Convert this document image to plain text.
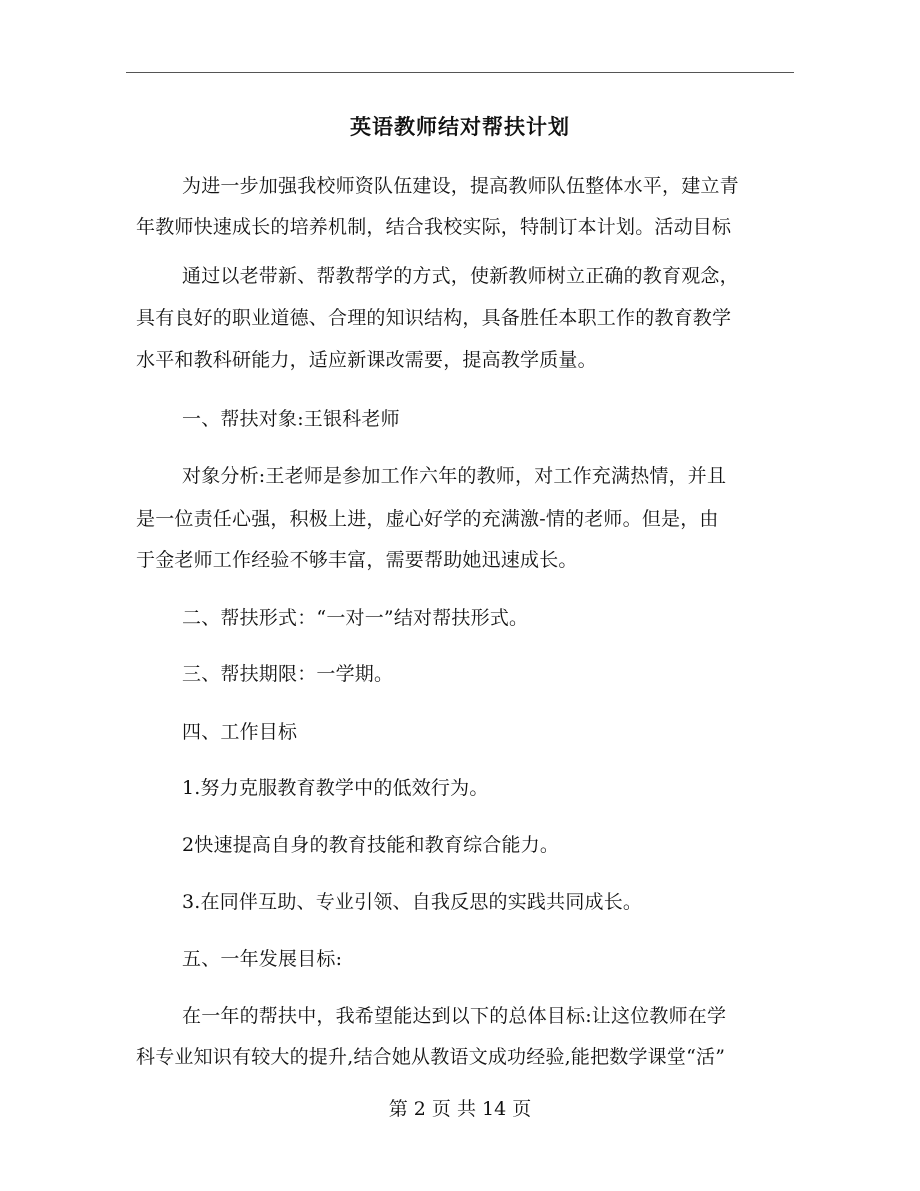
英语教师结对帮扶计划
为进一步加强我校师资队伍建设，提高教师队伍整体水平，建立青
年教师快速成长的培养机制，结合我校实际，特制订本计划。活动目标
通过以老带新、帮教帮学的方式，使新教师树立正确的教育观念，
具有良好的职业道德、合理的知识结构，具备胜任本职工作的教育教学
水平和教科研能力，适应新课改需要，提高教学质量。
一、帮扶对象:王银科老师
对象分析:王老师是参加工作六年的教师，对工作充满热情，并且
是一位责任心强，积极上进，虚心好学的充满激-情的老师。但是，由
于金老师工作经验不够丰富，需要帮助她迅速成长。
二、帮扶形式：“一对一”结对帮扶形式。
三、帮扶期限：一学期。
四、工作目标
1.努力克服教育教学中的低效行为。
2快速提高自身的教育技能和教育综合能力。
3.在同伴互助、专业引领、自我反思的实践共同成长。
五、一年发展目标:
在一年的帮扶中，我希望能达到以下的总体目标:让这位教师在学
科专业知识有较大的提升,结合她从教语文成功经验,能把数学课堂“活”
第 2 页 共 14 页
